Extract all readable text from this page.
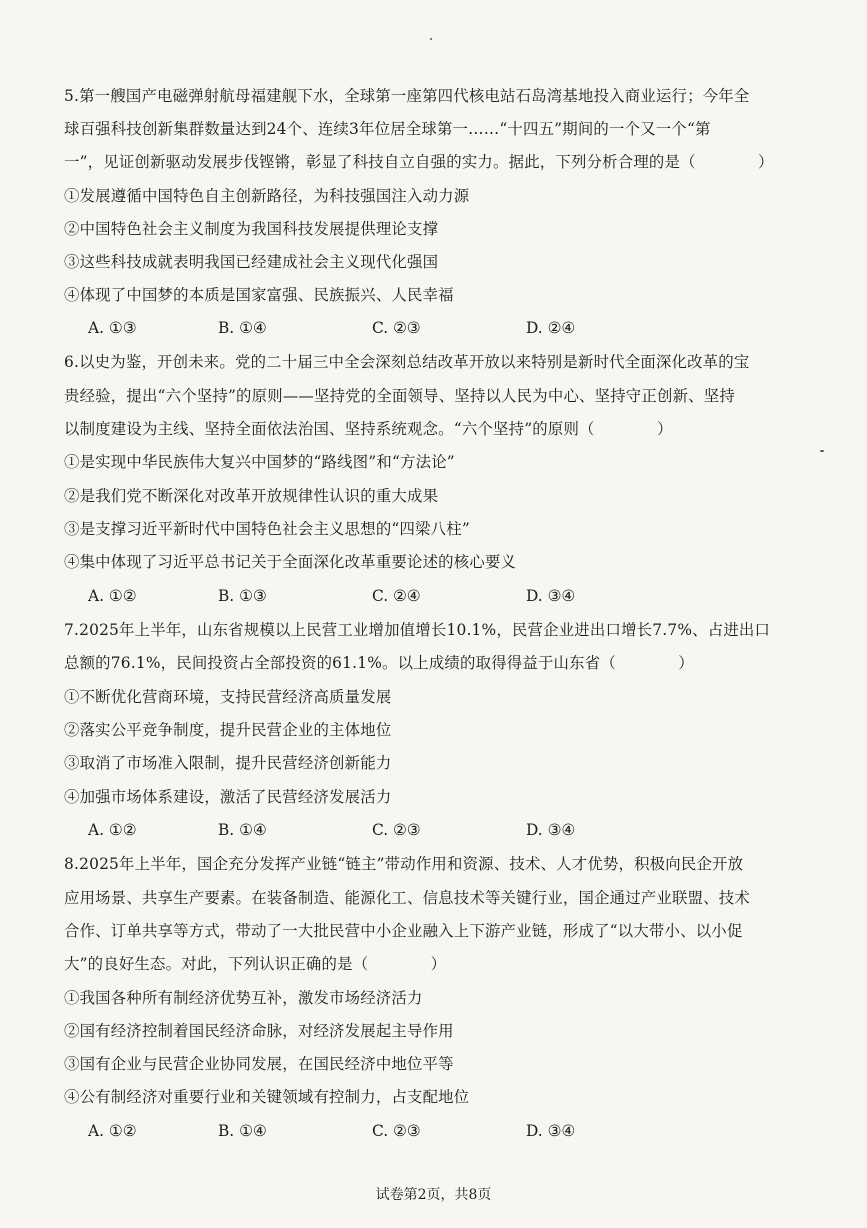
5.第一艘国产电磁弹射航母福建舰下水，全球第一座第四代核电站石岛湾基地投入商业运行；今年全
球百强科技创新集群数量达到24个、连续3年位居全球第一……“十四五”期间的一个又一个“第
一”，见证创新驱动发展步伐铿锵，彰显了科技自立自强的实力。据此，下列分析合理的是（　　　　）
①发展遵循中国特色自主创新路径，为科技强国注入动力源
②中国特色社会主义制度为我国科技发展提供理论支撑
③这些科技成就表明我国已经建成社会主义现代化强国
④体现了中国梦的本质是国家富强、民族振兴、人民幸福
A. ①③	B. ①④	C. ②③	D. ②④
6.以史为鉴，开创未来。党的二十届三中全会深刻总结改革开放以来特别是新时代全面深化改革的宝
贵经验，提出“六个坚持”的原则——坚持党的全面领导、坚持以人民为中心、坚持守正创新、坚持
以制度建设为主线、坚持全面依法治国、坚持系统观念。“六个坚持”的原则（　　　　）
①是实现中华民族伟大复兴中国梦的“路线图”和“方法论”
②是我们党不断深化对改革开放规律性认识的重大成果
③是支撑习近平新时代中国特色社会主义思想的“四梁八柱”
④集中体现了习近平总书记关于全面深化改革重要论述的核心要义
A. ①②	B. ①③	C. ②④	D. ③④
7.2025年上半年，山东省规模以上民营工业增加值增长10.1%，民营企业进出口增长7.7%、占进出口
总额的76.1%，民间投资占全部投资的61.1%。以上成绩的取得得益于山东省（　　　　）
①不断优化营商环境，支持民营经济高质量发展
②落实公平竞争制度，提升民营企业的主体地位
③取消了市场准入限制，提升民营经济创新能力
④加强市场体系建设，激活了民营经济发展活力
A. ①②	B. ①④	C. ②③	D. ③④
8.2025年上半年，国企充分发挥产业链“链主”带动作用和资源、技术、人才优势，积极向民企开放
应用场景、共享生产要素。在装备制造、能源化工、信息技术等关键行业，国企通过产业联盟、技术
合作、订单共享等方式，带动了一大批民营中小企业融入上下游产业链，形成了“以大带小、以小促
大”的良好生态。对此，下列认识正确的是（　　　　）
①我国各种所有制经济优势互补，激发市场经济活力
②国有经济控制着国民经济命脉，对经济发展起主导作用
③国有企业与民营企业协同发展，在国民经济中地位平等
④公有制经济对重要行业和关键领域有控制力，占支配地位
A. ①②	B. ①④	C. ②③	D. ③④
试卷第2页，共8页
